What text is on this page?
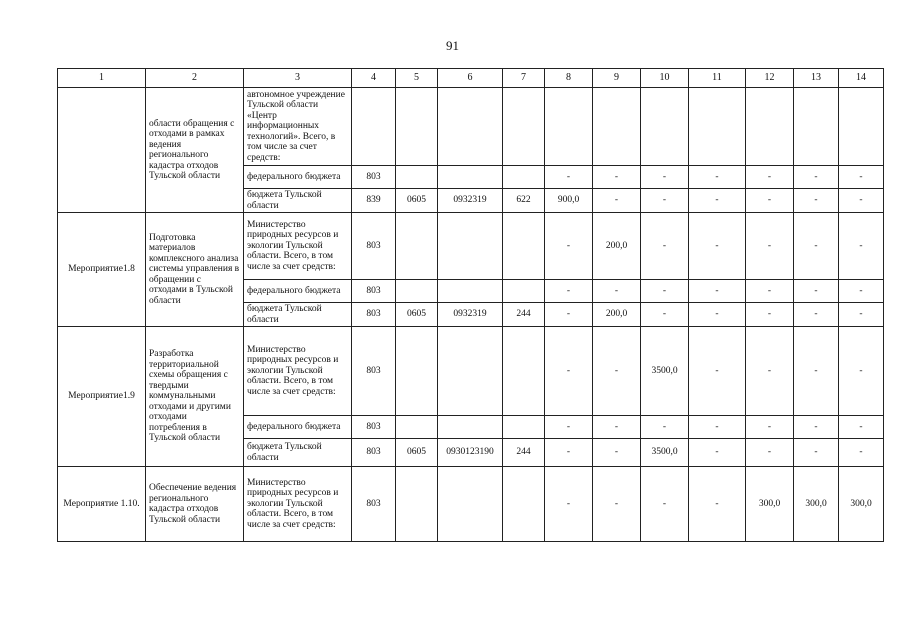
91
1	2	3	4	5	6	7	8	9	10	11	12	13	14
	области обращения с отходами в рамках ведения регионального кадастра отходов Тульской области	автономное учреждение Тульской области «Центр информационных технологий». Всего, в том числе за счет средств:											
		федерального бюджета	803				-	-	-	-	-	-	-
		бюджета Тульской области	839	0605	0932319	622	900,0	-	-	-	-	-	-
Мероприятие1.8	Подготовка материалов комплексного анализа системы управления в обращении с отходами в Тульской области	Министерство природных ресурсов и экологии Тульской области. Всего, в том числе за счет средств:	803				-	200,0	-	-	-	-	-
		федерального бюджета	803				-	-	-	-	-	-	-
		бюджета Тульской области	803	0605	0932319	244	-	200,0	-	-	-	-	-
Мероприятие1.9	Разработка территориальной схемы обращения с твердыми коммунальными отходами и другими отходами потребления в Тульской области	Министерство природных ресурсов и экологии Тульской области. Всего, в том числе за счет средств:	803				-	-	3500,0	-	-	-	-
		федерального бюджета	803				-	-	-	-	-	-	-
		бюджета Тульской области	803	0605	0930123190	244	-	-	3500,0	-	-	-	-
Мероприятие 1.10.	Обеспечение ведения регионального кадастра отходов Тульской области	Министерство природных ресурсов и экологии Тульской области. Всего, в том числе за счет средств:	803				-	-	-	-	300,0	300,0	300,0
